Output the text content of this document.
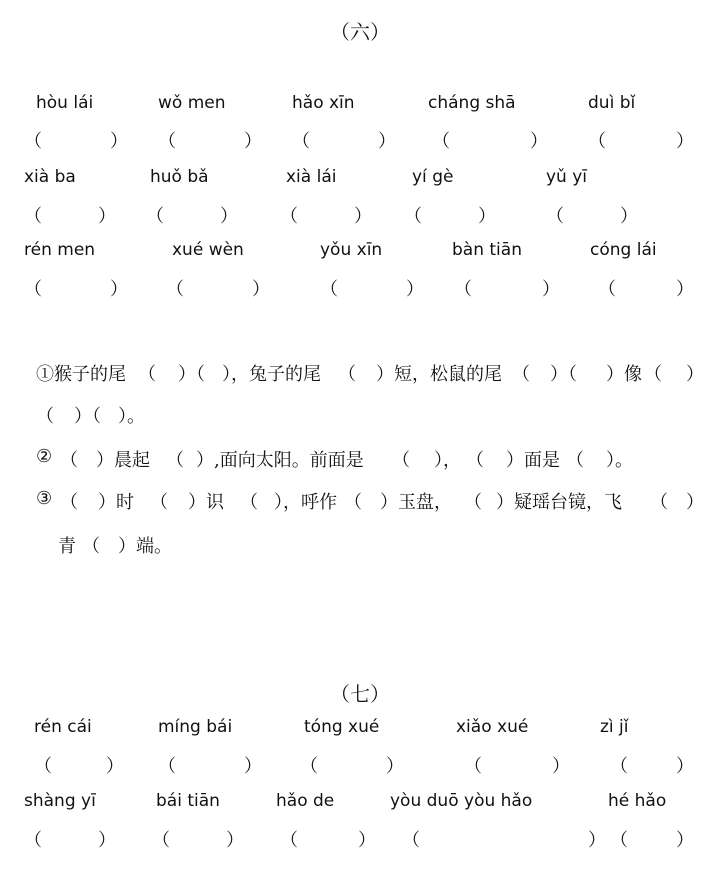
（六）
hòu lái	wǒ men	hǎo xīn	cháng shā	duì bǐ
（	） （	） （	） （	） （	）
xià ba	huǒ bǎ	xià lái	yí gè	yǔ yī
（	） （	） （	） （	）	（	）
rén men	xué wèn	yǒu xīn	bàn tiān	cóng lái
（	） （	）	（	） （	） （	）
①猴子的尾 （ ）（ ），兔子的尾 （ ）短，松鼠的尾 （ ）（ ）像 （ ）
（ ）（ ）。
② （ ）晨起 （ ） ,面向太阳。前面是 （ ）， （ ）面是 （ ）。
③ （ ）时 （ ）识 （ ），呼作 （ ）玉盘， （ ）疑瑶台镜，飞 （ ）
青 （ ）端。
（七）
rén cái	míng bái	tóng xué	xiǎo xué	zì jǐ
（	） （	） （	）	（	） （	）
shàng yī	bái tiān	hǎo de	yòu duō yòu hǎo	hé hǎo
（	） （	） （	） （	） （	）
